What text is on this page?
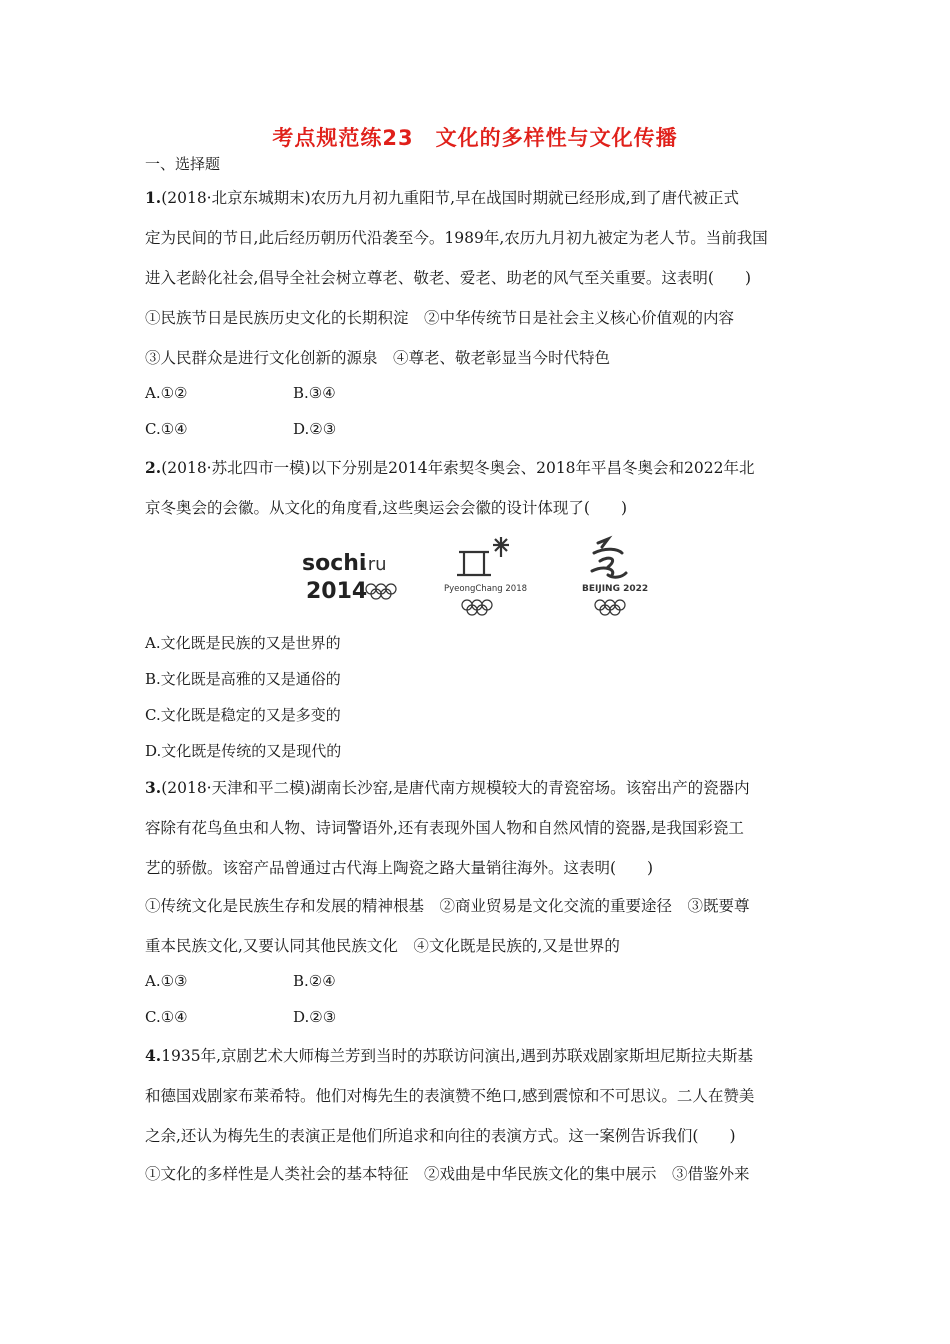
考点规范练23　文化的多样性与文化传播
一、选择题
1.(2018·北京东城期末)农历九月初九重阳节,早在战国时期就已经形成,到了唐代被正式
定为民间的节日,此后经历朝历代沿袭至今。1989年,农历九月初九被定为老人节。当前我国
进入老龄化社会,倡导全社会树立尊老、敬老、爱老、助老的风气至关重要。这表明(　　)
①民族节日是民族历史文化的长期积淀　②中华传统节日是社会主义核心价值观的内容
③人民群众是进行文化创新的源泉　④尊老、敬老彰显当今时代特色
A.①②	B.③④
C.①④	D.②③
2.(2018·苏北四市一模)以下分别是2014年索契冬奥会、2018年平昌冬奥会和2022年北
京冬奥会的会徽。从文化的角度看,这些奥运会会徽的设计体现了(　　)
sochi
.ru
2014	PyeongChang 2018	BEIJING 2022
A.文化既是民族的又是世界的
B.文化既是高雅的又是通俗的
C.文化既是稳定的又是多变的
D.文化既是传统的又是现代的
3.(2018·天津和平二模)湖南长沙窑,是唐代南方规模较大的青瓷窑场。该窑出产的瓷器内
容除有花鸟鱼虫和人物、诗词警语外,还有表现外国人物和自然风情的瓷器,是我国彩瓷工
艺的骄傲。该窑产品曾通过古代海上陶瓷之路大量销往海外。这表明(　　)
①传统文化是民族生存和发展的精神根基　②商业贸易是文化交流的重要途径　③既要尊
重本民族文化,又要认同其他民族文化　④文化既是民族的,又是世界的
A.①③	B.②④
C.①④	D.②③
4.1935年,京剧艺术大师梅兰芳到当时的苏联访问演出,遇到苏联戏剧家斯坦尼斯拉夫斯基
和德国戏剧家布莱希特。他们对梅先生的表演赞不绝口,感到震惊和不可思议。二人在赞美
之余,还认为梅先生的表演正是他们所追求和向往的表演方式。这一案例告诉我们(　　)
①文化的多样性是人类社会的基本特征　②戏曲是中华民族文化的集中展示　③借鉴外来
